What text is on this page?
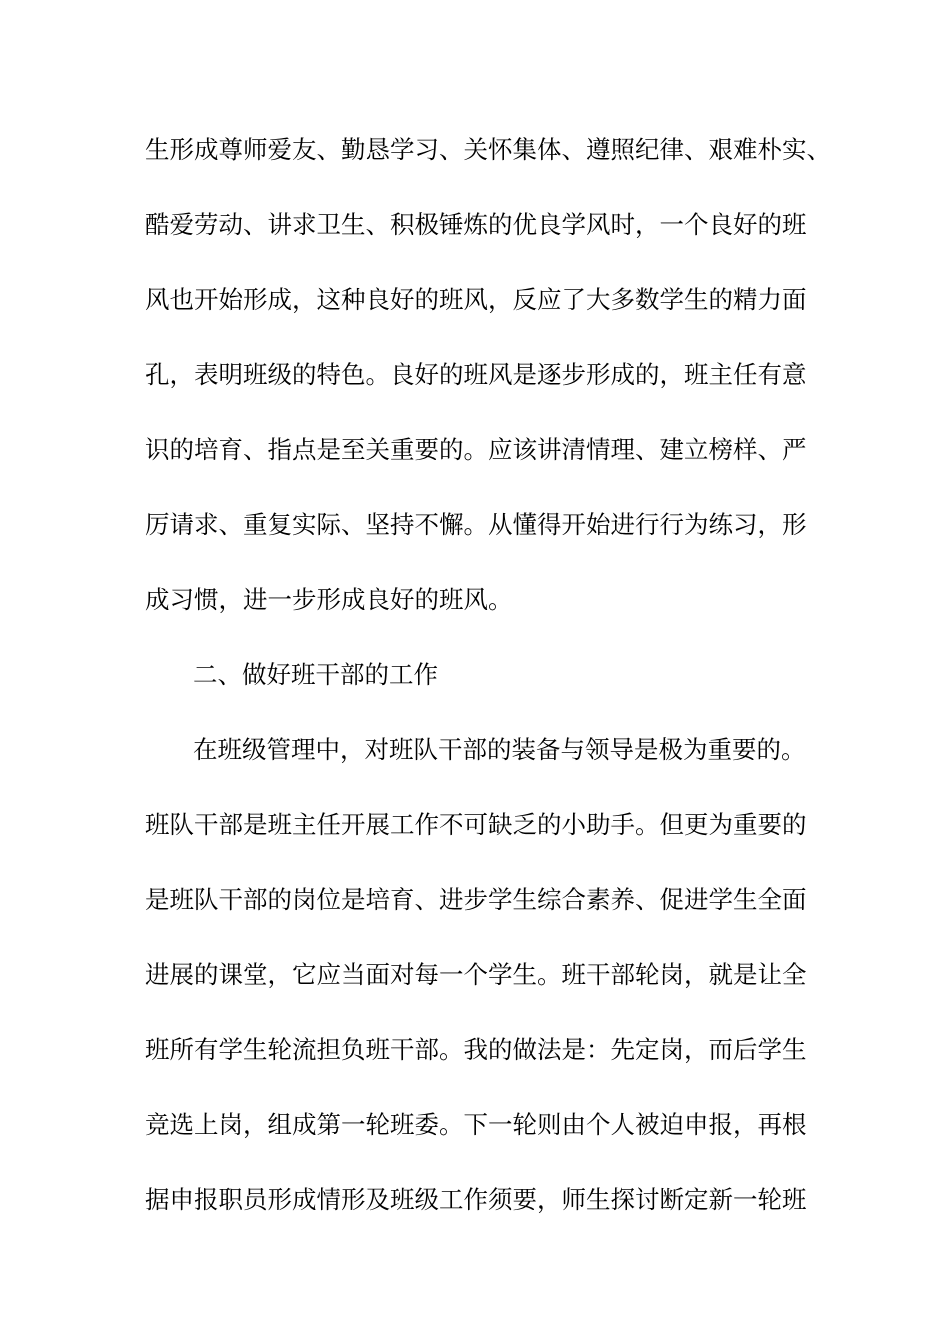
生形成尊师爱友、勤恳学习、关怀集体、遵照纪律、艰难朴实、
酷爱劳动、讲求卫生、积极锤炼的优良学风时，一个良好的班
风也开始形成，这种良好的班风，反应了大多数学生的精力面
孔，表明班级的特色。良好的班风是逐步形成的，班主任有意
识的培育、指点是至关重要的。应该讲清情理、建立榜样、严
厉请求、重复实际、坚持不懈。从懂得开始进行行为练习，形
成习惯，进一步形成良好的班风。
二、做好班干部的工作
在班级管理中，对班队干部的装备与领导是极为重要的。
班队干部是班主任开展工作不可缺乏的小助手。但更为重要的
是班队干部的岗位是培育、进步学生综合素养、促进学生全面
进展的课堂，它应当面对每一个学生。班干部轮岗，就是让全
班所有学生轮流担负班干部。我的做法是：先定岗，而后学生
竞选上岗，组成第一轮班委。下一轮则由个人被迫申报，再根
据申报职员形成情形及班级工作须要，师生探讨断定新一轮班
